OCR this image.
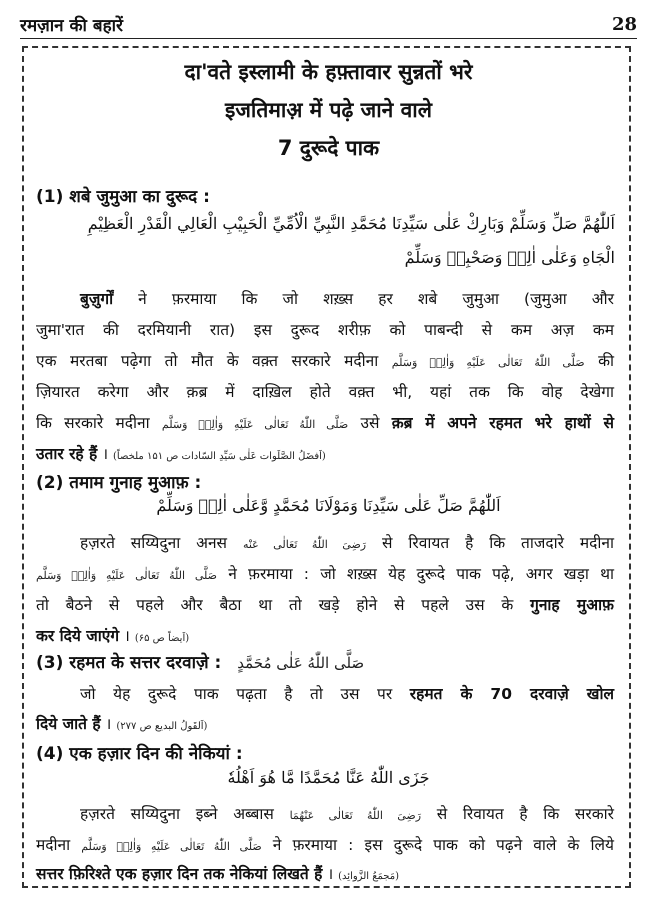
रमज़ान की बहारें	28
दा'वते इस्लामी के हफ़्तावार सुन्नतों भरे
इजतिमाअ़ में पढ़े जाने वाले
7 दुरूदे पाक
(1) शबे जुमुआ का दुरूद :
اَللّٰهُمَّ صَلِّ وَسَلِّمْ وَبَارِكْ عَلٰى سَيِّدِنَا مُحَمَّدِ النَّبِيِّ الْاُمِّيِّ الْحَبِيْبِ الْعَالِي الْقَدْرِ الْعَظِيْمِ
الْجَاهِ وَعَلٰى اٰلِهٖ وَصَحْبِهٖ وَسَلِّمْ
बुज़ुर्गों ने फ़रमाया कि जो शख़्स हर शबे जुमुआ (जुमुआ और
जुमा'रात की दरमियानी रात) इस दुरूद शरीफ़ को पाबन्दी से कम अज़ कम
एक मरतबा पढ़ेगा तो मौत के वक़्त सरकारे मदीना صَلَّی اللّٰهُ تَعَالٰی عَلَيْهِ وَاٰلِهٖ وَسَلَّم की
ज़ियारत करेगा और क़ब्र में दाख़िल होते वक़्त भी, यहां तक कि वोह देखेगा
कि सरकारे मदीना صَلَّی اللّٰهُ تَعَالٰی عَلَيْهِ وَاٰلِهٖ وَسَلَّم उसे क़ब्र में अपने रहमत भरे हाथों से
उतार रहे हैं । (اَفضَلُ الصَّلَوات عَلٰی سَیِّدِ السّادات ص ۱۵۱ ملخصاً)
(2) तमाम गुनाह मुआफ़ :
اَللّٰهُمَّ صَلِّ عَلٰى سَيِّدِنَا وَمَوْلَانَا مُحَمَّدٍ وَّعَلٰى اٰلِهٖ وَسَلِّمْ
हज़रते सय्यिदुना अनस رَضِیَ اللّٰهُ تَعَالٰی عَنْه से रिवायत है कि ताजदारे मदीना
صَلَّی اللّٰهُ تَعَالٰی عَلَيْهِ وَاٰلِهٖ وَسَلَّم ने फ़रमाया : जो शख़्स येह दुरूदे पाक पढ़े, अगर खड़ा था
तो बैठने से पहले और बैठा था तो खड़े होने से पहले उस के गुनाह मुआफ़
कर दिये जाएंगे । (اَیضاً ص ۶۵)
(3) रहमत के सत्तर दरवाज़े : صَلَّى اللّٰهُ عَلٰى مُحَمَّدٍ
जो येह दुरूदे पाक पढ़ता है तो उस पर रहमत के 70 दरवाज़े खोल
दिये जाते हैं । (اَلقَولُ البدیع ص ۲۷۷)
(4) एक हज़ार दिन की नेकियां :
جَزَى اللّٰهُ عَنَّا مُحَمَّدًا مَّا هُوَ اَهْلُهٗ
हज़रते सय्यिदुना इब्ने अब्बास رَضِیَ اللّٰهُ تَعَالٰی عَنْهُمَا से रिवायत है कि सरकारे
मदीना صَلَّی اللّٰهُ تَعَالٰی عَلَيْهِ وَاٰلِهٖ وَسَلَّم ने फ़रमाया : इस दुरूदे पाक को पढ़ने वाले के लिये
सत्तर फ़िरिश्ते एक हज़ार दिन तक नेकियां लिखते हैं । (مَجمَعُ الزَّوائِد)
